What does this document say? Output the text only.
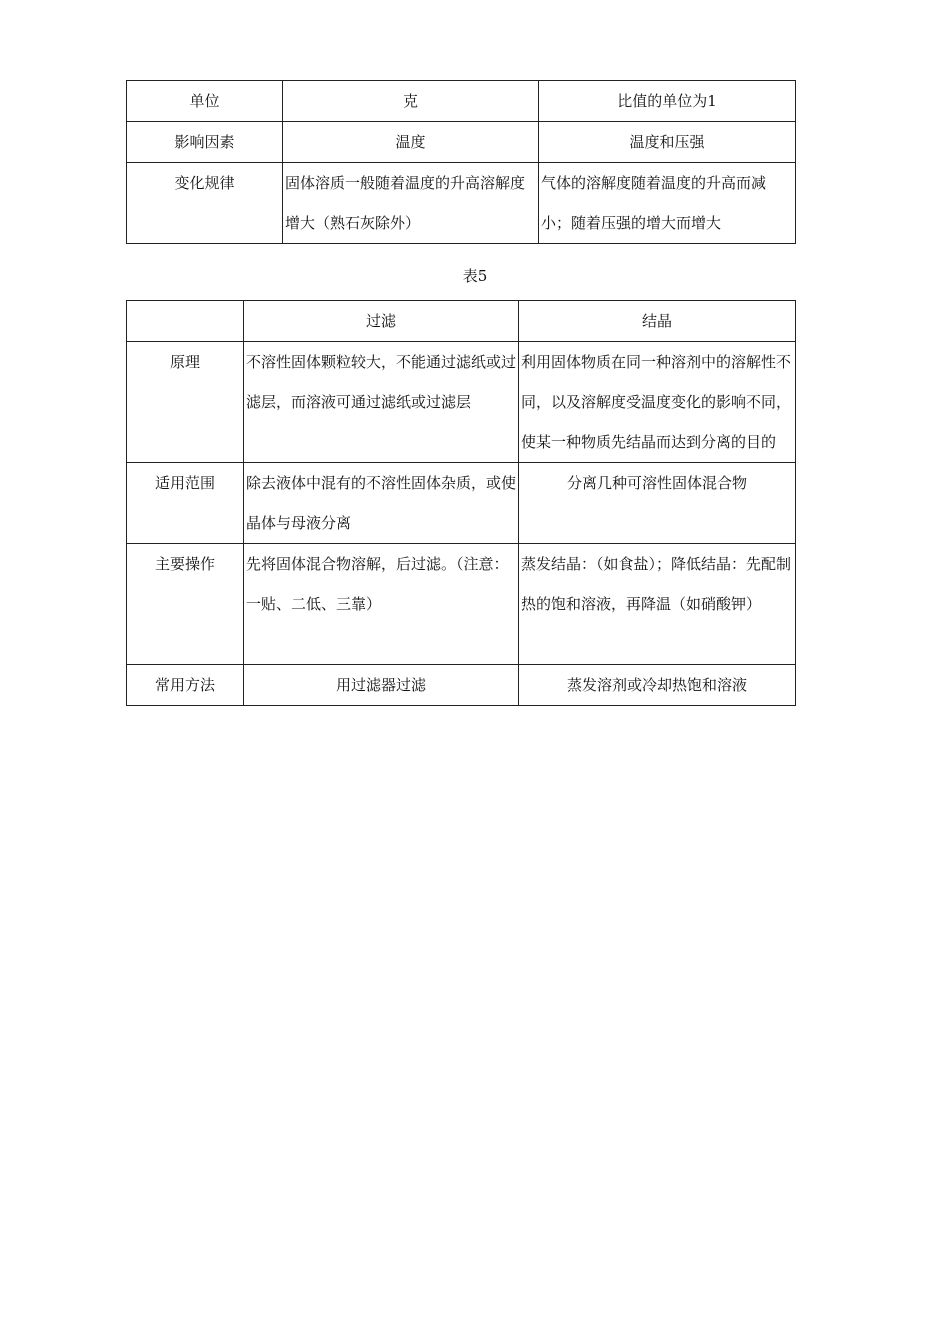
单位	克	比值的单位为1
影响因素	温度	温度和压强
变化规律	固体溶质一般随着温度的升高溶解度增大（熟石灰除外）	气体的溶解度随着温度的升高而减小；随着压强的增大而增大
表5
	过滤	结晶
原理	不溶性固体颗粒较大，不能通过滤纸或过滤层，而溶液可通过滤纸或过滤层	利用固体物质在同一种溶剂中的溶解性不同，以及溶解度受温度变化的影响不同，使某一种物质先结晶而达到分离的目的
适用范围	除去液体中混有的不溶性固体杂质，或使晶体与母液分离	分离几种可溶性固体混合物
主要操作	先将固体混合物溶解，后过滤。（注意：一贴、二低、三靠）	蒸发结晶：（如食盐）；降低结晶：先配制热的饱和溶液，再降温（如硝酸钾）
常用方法	用过滤器过滤	蒸发溶剂或冷却热饱和溶液
